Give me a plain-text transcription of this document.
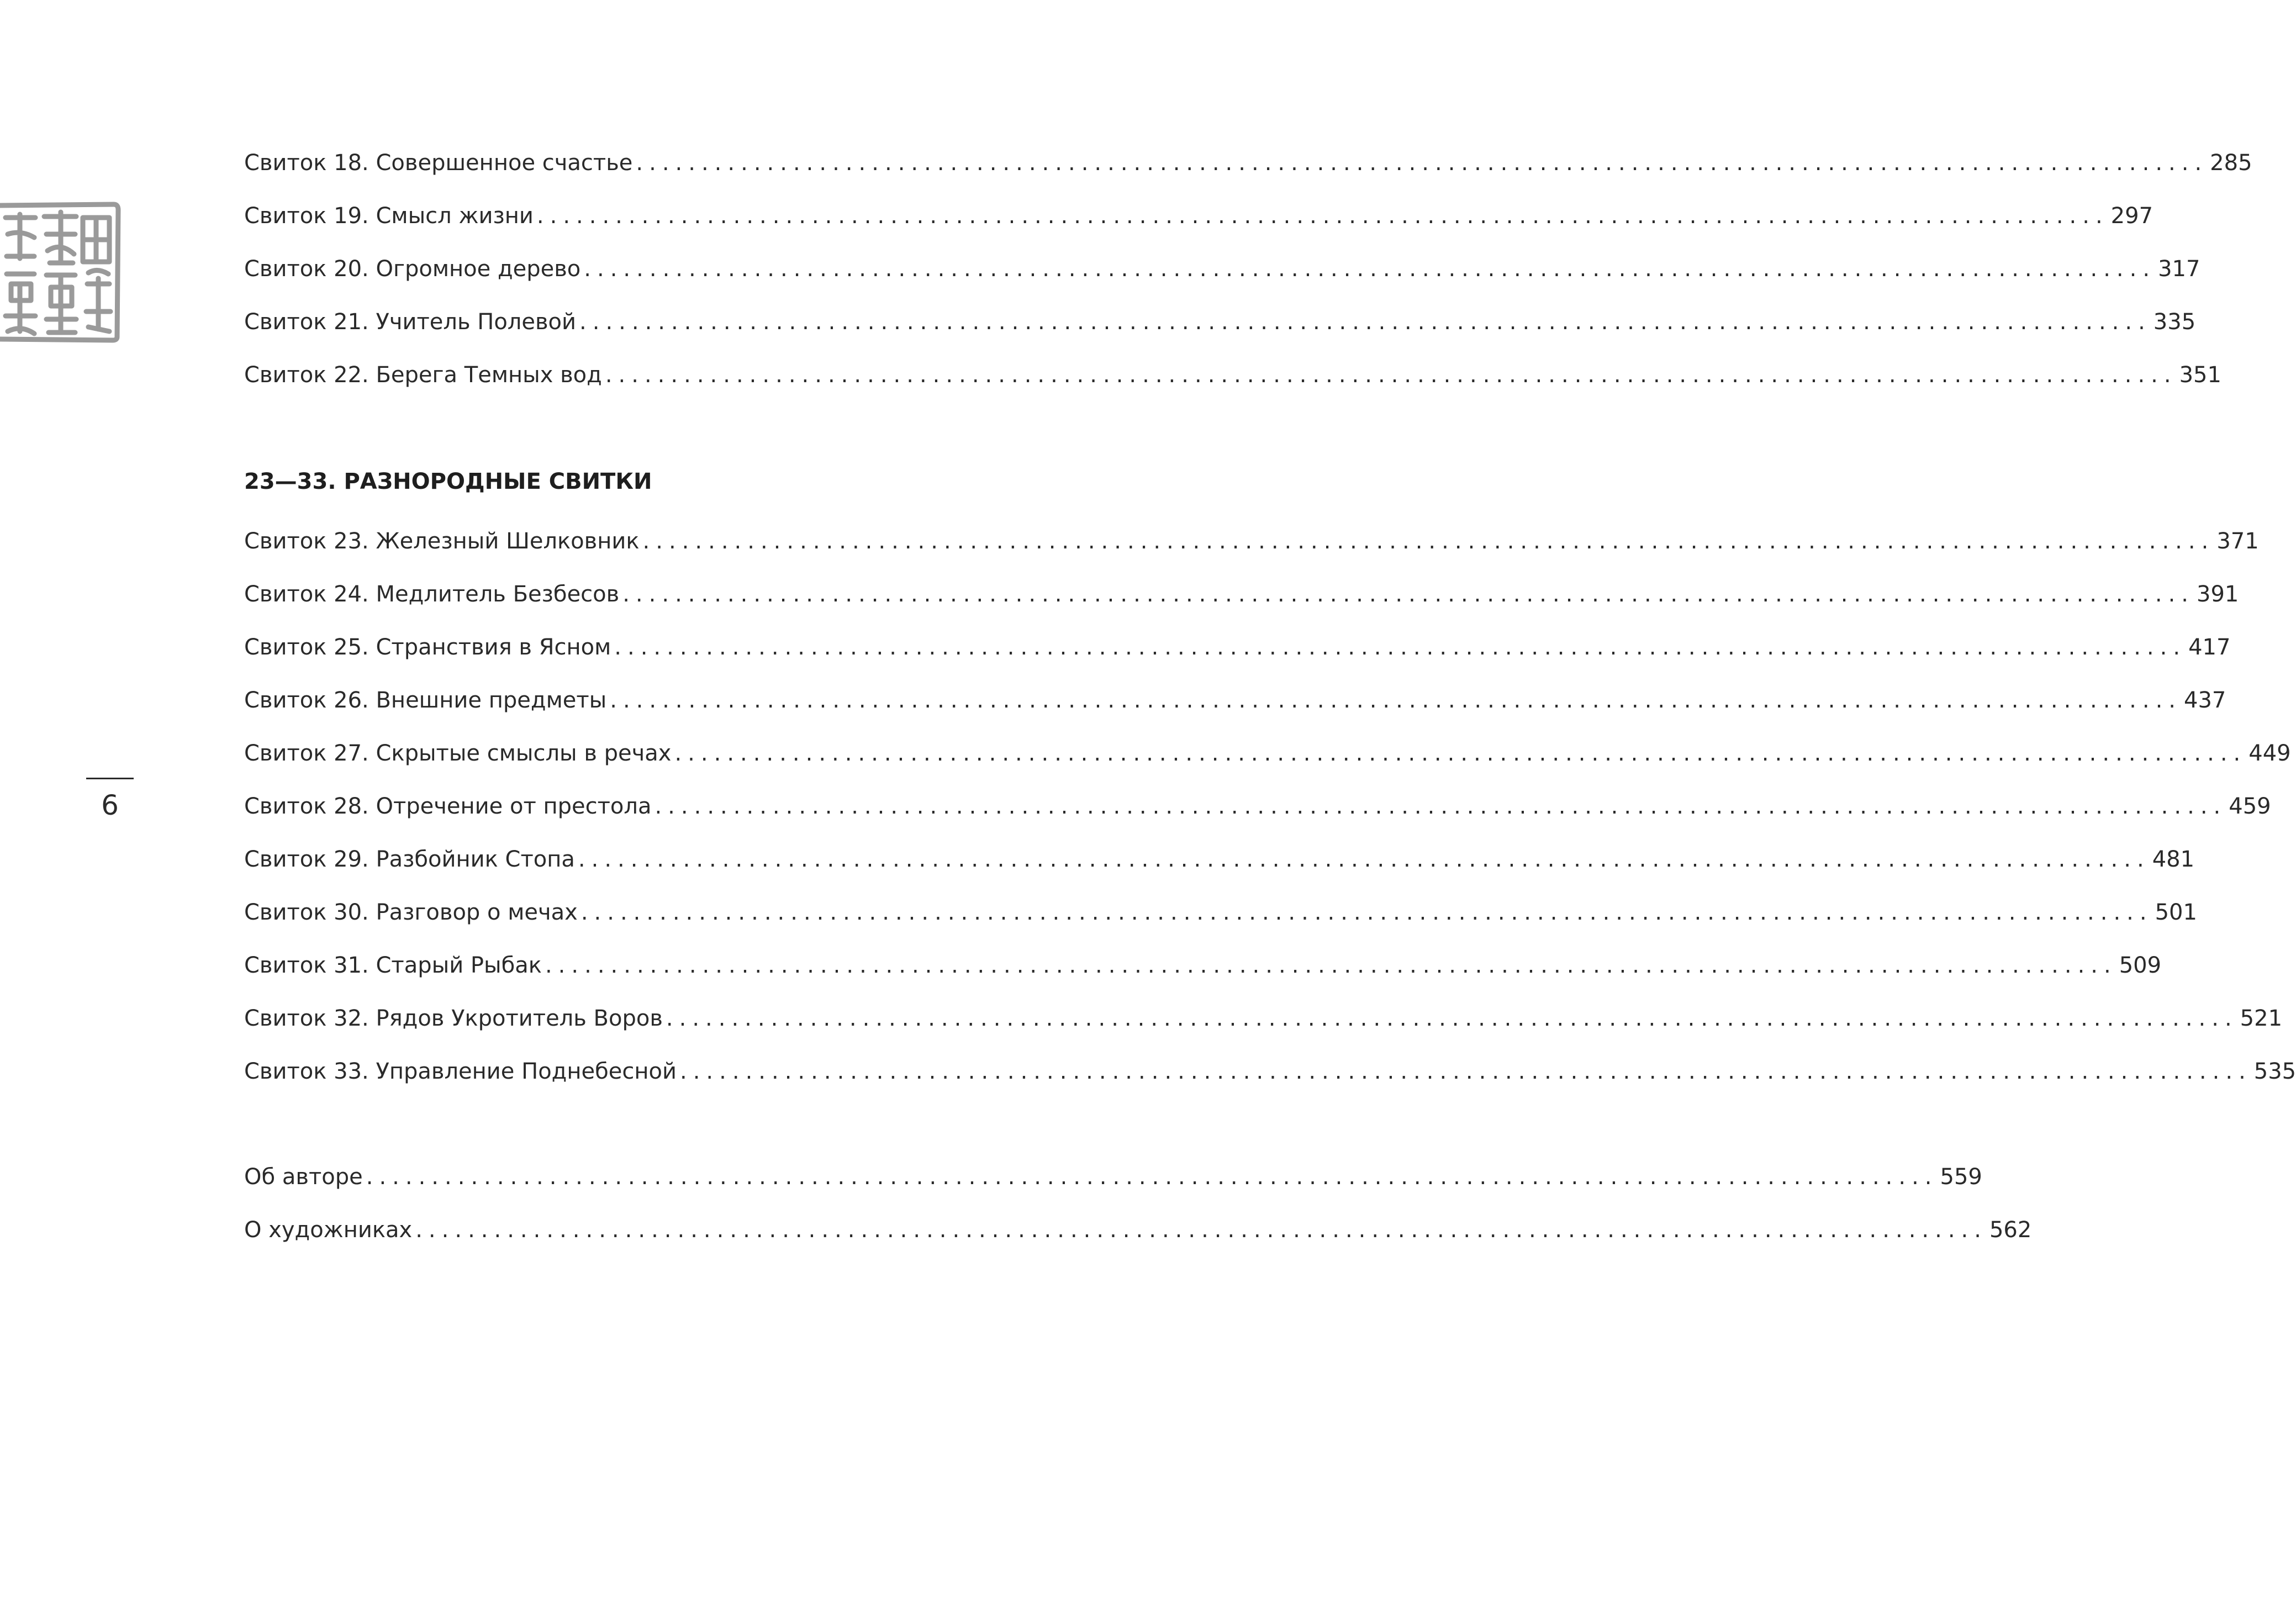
6
Свиток 18. Совершенное счастье ........................................................................................................................ 285
Свиток 19. Смысл жизни ........................................................................................................................ 297
Свиток 20. Огромное дерево ........................................................................................................................ 317
Свиток 21. Учитель Полевой ........................................................................................................................ 335
Свиток 22. Берега Темных вод ........................................................................................................................ 351
23—33. РАЗНОРОДНЫЕ СВИТКИ
Свиток 23. Железный Шелковник ........................................................................................................................ 371
Свиток 24. Медлитель Безбесов ........................................................................................................................ 391
Свиток 25. Странствия в Ясном ........................................................................................................................ 417
Свиток 26. Внешние предметы ........................................................................................................................ 437
Свиток 27. Скрытые смыслы в речах ........................................................................................................................ 449
Свиток 28. Отречение от престола ........................................................................................................................ 459
Свиток 29. Разбойник Стопа ........................................................................................................................ 481
Свиток 30. Разговор о мечах ........................................................................................................................ 501
Свиток 31. Старый Рыбак ........................................................................................................................ 509
Свиток 32. Рядов Укротитель Воров ........................................................................................................................ 521
Свиток 33. Управление Поднебесной ........................................................................................................................ 535
Об авторе ........................................................................................................................ 559
О художниках ........................................................................................................................ 562
